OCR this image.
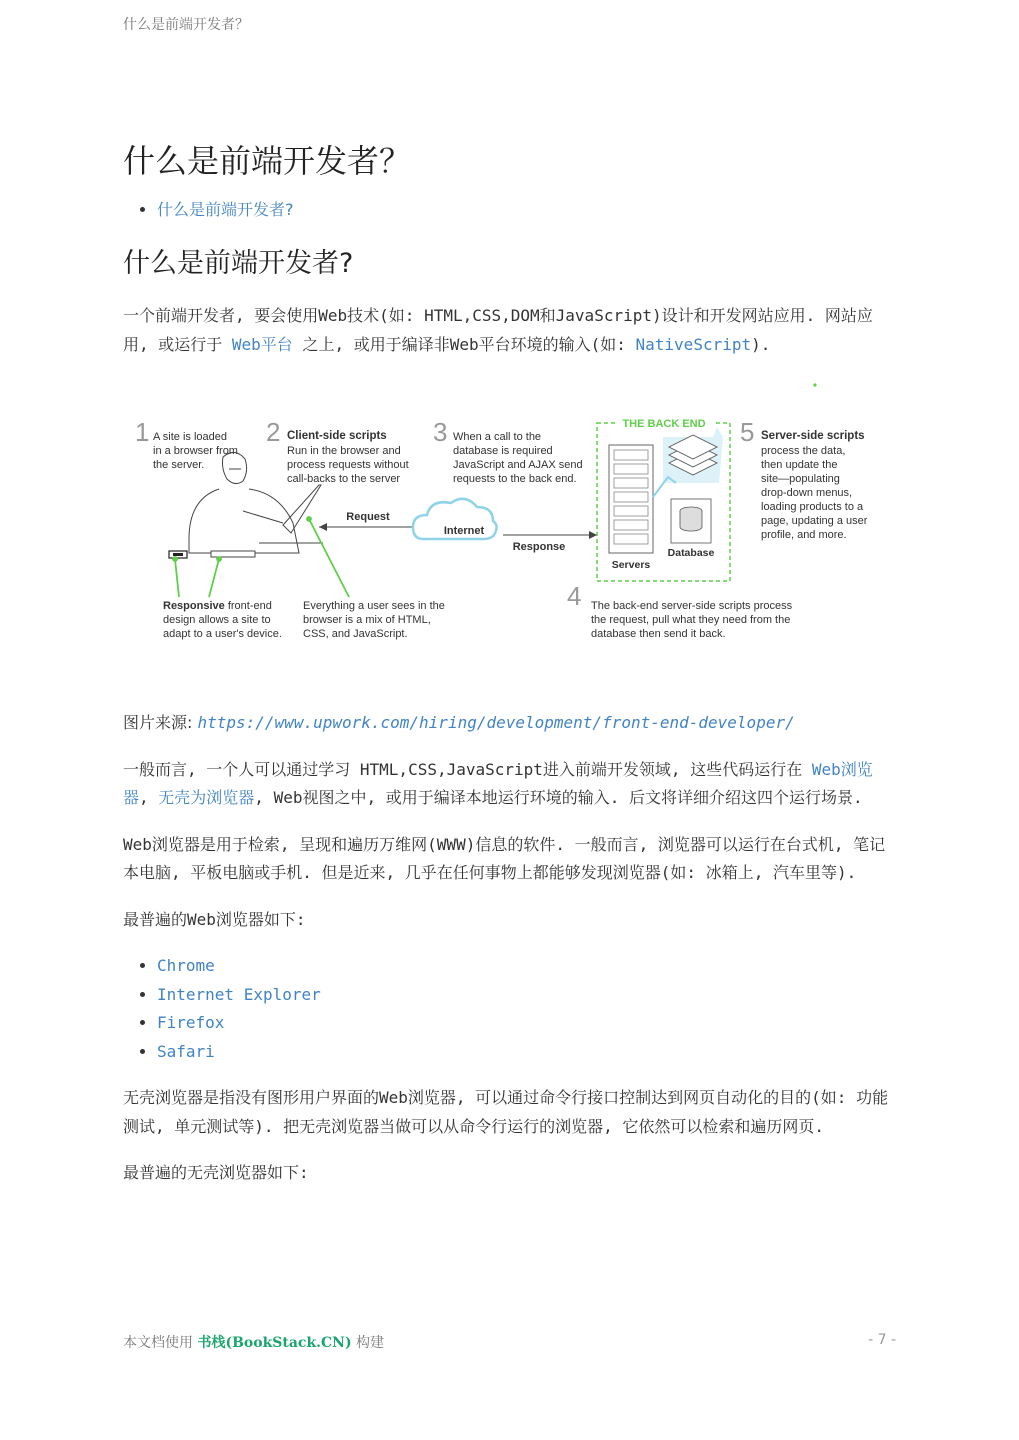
什么是前端开发者？
什么是前端开发者？
• 什么是前端开发者?
什么是前端开发者?

一个前端开发者, 要会使用Web技术(如: HTML,CSS,DOM和JavaScript)设计和开发网站应用. 网站应用, 或运行于 Web平台 之上, 或用于编译非Web平台环境的输入(如: NativeScript).

1 A site is loaded
in a browser from
the server.
2 Client-side scripts
Run in the browser and
process requests without
call-backs to the server
3 When a call to the
database is required
JavaScript and AJAX send
requests to the back end.
THE BACK END
Servers
Database
5 Server-side scripts
process the data,
then update the
site—populating
drop-down menus,
loading products to a
page, updating a user
profile, and more.
Request
Response
Internet
Responsive front-end
design allows a site to
adapt to a user's device.
Everything a user sees in the
browser is a mix of HTML,
CSS, and JavaScript.
4 The back-end server-side scripts process
the request, pull what they need from the
database then send it back.

图片来源: https://www.upwork.com/hiring/development/front-end-developer/

一般而言, 一个人可以通过学习 HTML,CSS,JavaScript进入前端开发领域, 这些代码运行在 Web浏览器, 无壳为浏览器, Web视图之中, 或用于编译本地运行环境的输入. 后文将详细介绍这四个运行场景.

Web浏览器是用于检索, 呈现和遍历万维网(WWW)信息的软件. 一般而言, 浏览器可以运行在台式机, 笔记本电脑, 平板电脑或手机. 但是近来, 几乎在任何事物上都能够发现浏览器(如: 冰箱上, 汽车里等).

最普遍的Web浏览器如下:

• Chrome
• Internet Explorer
• Firefox
• Safari

无壳浏览器是指没有图形用户界面的Web浏览器, 可以通过命令行接口控制达到网页自动化的目的(如: 功能测试, 单元测试等). 把无壳浏览器当做可以从命令行运行的浏览器, 它依然可以检索和遍历网页.

最普遍的无壳浏览器如下:

本文档使用 书栈(BookStack.CN) 构建	- 7 -
